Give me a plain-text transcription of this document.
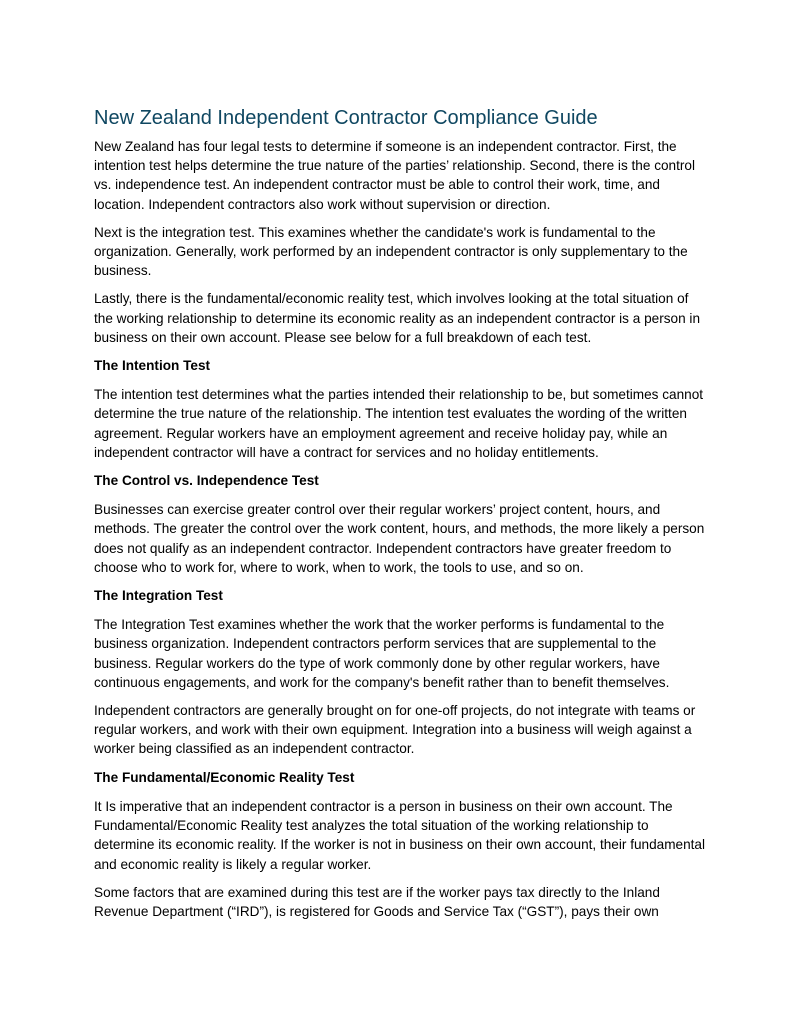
New Zealand Independent Contractor Compliance Guide

New Zealand has four legal tests to determine if someone is an independent contractor. First, the intention test helps determine the true nature of the parties’ relationship. Second, there is the control vs. independence test. An independent contractor must be able to control their work, time, and location. Independent contractors also work without supervision or direction.

Next is the integration test. This examines whether the candidate's work is fundamental to the organization. Generally, work performed by an independent contractor is only supplementary to the business.

Lastly, there is the fundamental/economic reality test, which involves looking at the total situation of the working relationship to determine its economic reality as an independent contractor is a person in business on their own account. Please see below for a full breakdown of each test.

The Intention Test

The intention test determines what the parties intended their relationship to be, but sometimes cannot determine the true nature of the relationship. The intention test evaluates the wording of the written agreement. Regular workers have an employment agreement and receive holiday pay, while an independent contractor will have a contract for services and no holiday entitlements.

The Control vs. Independence Test

Businesses can exercise greater control over their regular workers’ project content, hours, and methods. The greater the control over the work content, hours, and methods, the more likely a person does not qualify as an independent contractor. Independent contractors have greater freedom to choose who to work for, where to work, when to work, the tools to use, and so on.

The Integration Test

The Integration Test examines whether the work that the worker performs is fundamental to the business organization. Independent contractors perform services that are supplemental to the business. Regular workers do the type of work commonly done by other regular workers, have continuous engagements, and work for the company's benefit rather than to benefit themselves.

Independent contractors are generally brought on for one-off projects, do not integrate with teams or regular workers, and work with their own equipment. Integration into a business will weigh against a worker being classified as an independent contractor.

The Fundamental/Economic Reality Test

It Is imperative that an independent contractor is a person in business on their own account. The Fundamental/Economic Reality test analyzes the total situation of the working relationship to determine its economic reality. If the worker is not in business on their own account, their fundamental and economic reality is likely a regular worker.

Some factors that are examined during this test are if the worker pays tax directly to the Inland Revenue Department (“IRD”), is registered for Goods and Service Tax (“GST”), pays their own
